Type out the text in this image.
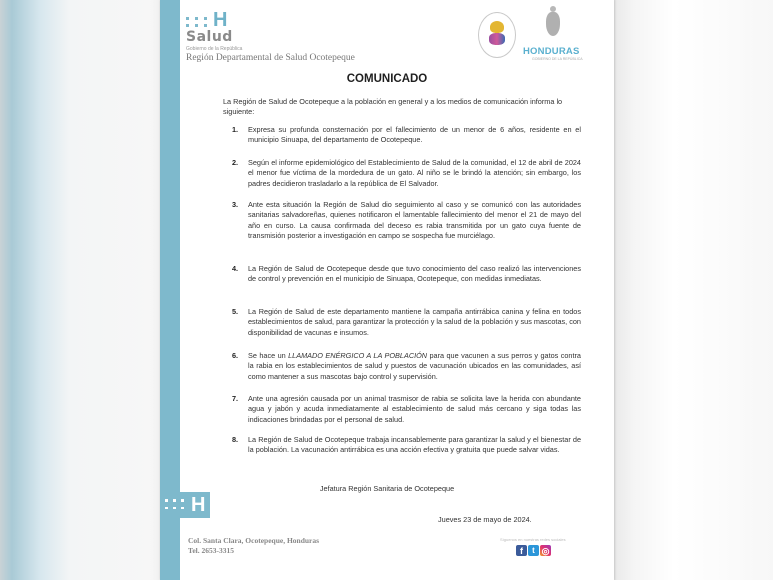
H
Salud
Gobierno de la República
Región Departamental de Salud Ocotepeque
HONDURAS
GOBIERNO DE LA REPÚBLICA
COMUNICADO
La Región de Salud de Ocotepeque a la población en general y a los medios de comunicación informa lo siguiente:
1. Expresa su profunda consternación por el fallecimiento de un menor de 6 años, residente en el municipio Sinuapa, del departamento de Ocotepeque.
2. Según el informe epidemiológico del Establecimiento de Salud de la comunidad, el 12 de abril de 2024 el menor fue víctima de la mordedura de un gato. Al niño se le brindó la atención; sin embargo, los padres decidieron trasladarlo a la república de El Salvador.
3. Ante esta situación la Región de Salud dio seguimiento al caso y se comunicó con las autoridades sanitarias salvadoreñas, quienes notificaron el lamentable fallecimiento del menor el 21 de mayo del año en curso. La causa confirmada del deceso es rabia transmitida por un gato cuya fuente de transmisión posterior a investigación en campo se sospecha fue murciélago.
4. La Región de Salud de Ocotepeque desde que tuvo conocimiento del caso realizó las intervenciones de control y prevención en el municipio de Sinuapa, Ocotepeque, con medidas inmediatas.
5. La Región de Salud de este departamento mantiene la campaña antirrábica canina y felina en todos establecimientos de salud, para garantizar la protección y la salud de la población y sus mascotas, con disponibilidad de vacunas e insumos.
6. Se hace un LLAMADO ENÉRGICO A LA POBLACIÓN para que vacunen a sus perros y gatos contra la rabia en los establecimientos de salud y puestos de vacunación ubicados en las comunidades, así como mantener a sus mascotas bajo control y supervisión.
7. Ante una agresión causada por un animal trasmisor de rabia se solicita lave la herida con abundante agua y jabón y acuda inmediatamente al establecimiento de salud más cercano y siga todas las indicaciones brindadas por el personal de salud.
8. La Región de Salud de Ocotepeque trabaja incansablemente para garantizar la salud y el bienestar de la población. La vacunación antirrábica es una acción efectiva y gratuita que puede salvar vidas.
Jefatura Región Sanitaria de Ocotepeque
H
Jueves 23 de mayo de 2024.
Col. Santa Clara, Ocotepeque, Honduras
Tel. 2653-3315
Síguenos en nuestras redes sociales
f	t ◎
